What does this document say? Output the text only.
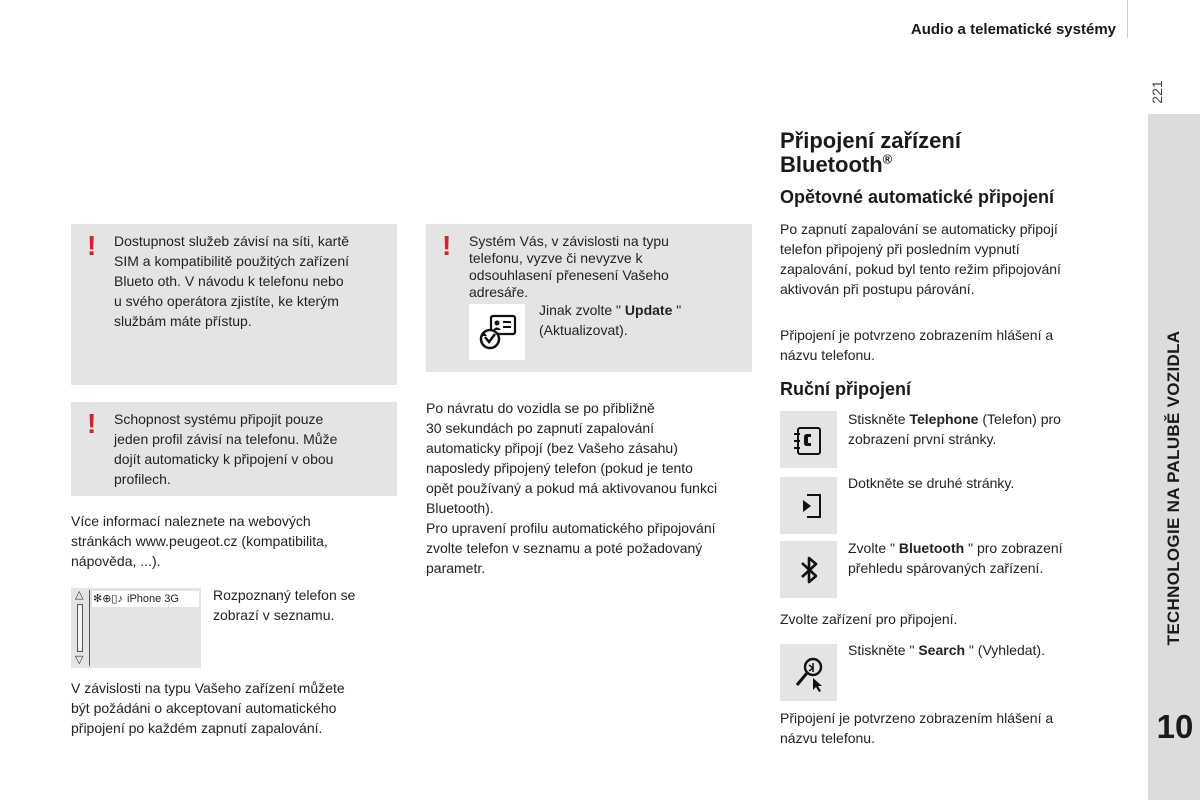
Audio a telematické systémy
221
TECHNOLOGIE NA PALUBĚ VOZIDLA
10
! Dostupnost služeb závisí na síti, kartě
SIM a kompatibilitě použitých zařízení
Blueto oth. V návodu k telefonu nebo
u svého operátora zjistíte, ke kterým
službám máte přístup.
! Schopnost systému připojit pouze
jeden profil závisí na telefonu. Může
dojít automaticky k připojení v obou
profilech.
Více informací naleznete na webových
stránkách www.peugeot.cz (kompatibilita,
nápověda, ...).
△
▽
✻⊕▯♪ iPhone 3G	Rozpoznaný telefon se
zobrazí v seznamu.
V závislosti na typu Vašeho zařízení můžete
být požádáni o akceptovaní automatického
připojení po každém zapnutí zapalování.
! Systém Vás, v závislosti na typu
telefonu, vyzve či nevyzve k
odsouhlasení přenesení Vašeho
adresáře.
Jinak zvolte " Update "
(Aktualizovat).
Po návratu do vozidla se po přibližně
30 sekundách po zapnutí zapalování
automaticky připojí (bez Vašeho zásahu)
naposledy připojený telefon (pokud je tento
opět používaný a pokud má aktivovanou funkci
Bluetooth).
Pro upravení profilu automatického připojování
zvolte telefon v seznamu a poté požadovaný
parametr.
Připojení zařízení
Bluetooth®
Opětovné automatické připojení
Po zapnutí zapalování se automaticky připojí
telefon připojený při posledním vypnutí
zapalování, pokud byl tento režim připojování
aktivován při postupu párování.
Připojení je potvrzeno zobrazením hlášení a
názvu telefonu.
Ruční připojení
Stiskněte Telephone (Telefon) pro
zobrazení první stránky.
Dotkněte se druhé stránky.
Zvolte " Bluetooth " pro zobrazení
přehledu spárovaných zařízení.
Zvolte zařízení pro připojení.
Stiskněte " Search " (Vyhledat).
Připojení je potvrzeno zobrazením hlášení a
názvu telefonu.
